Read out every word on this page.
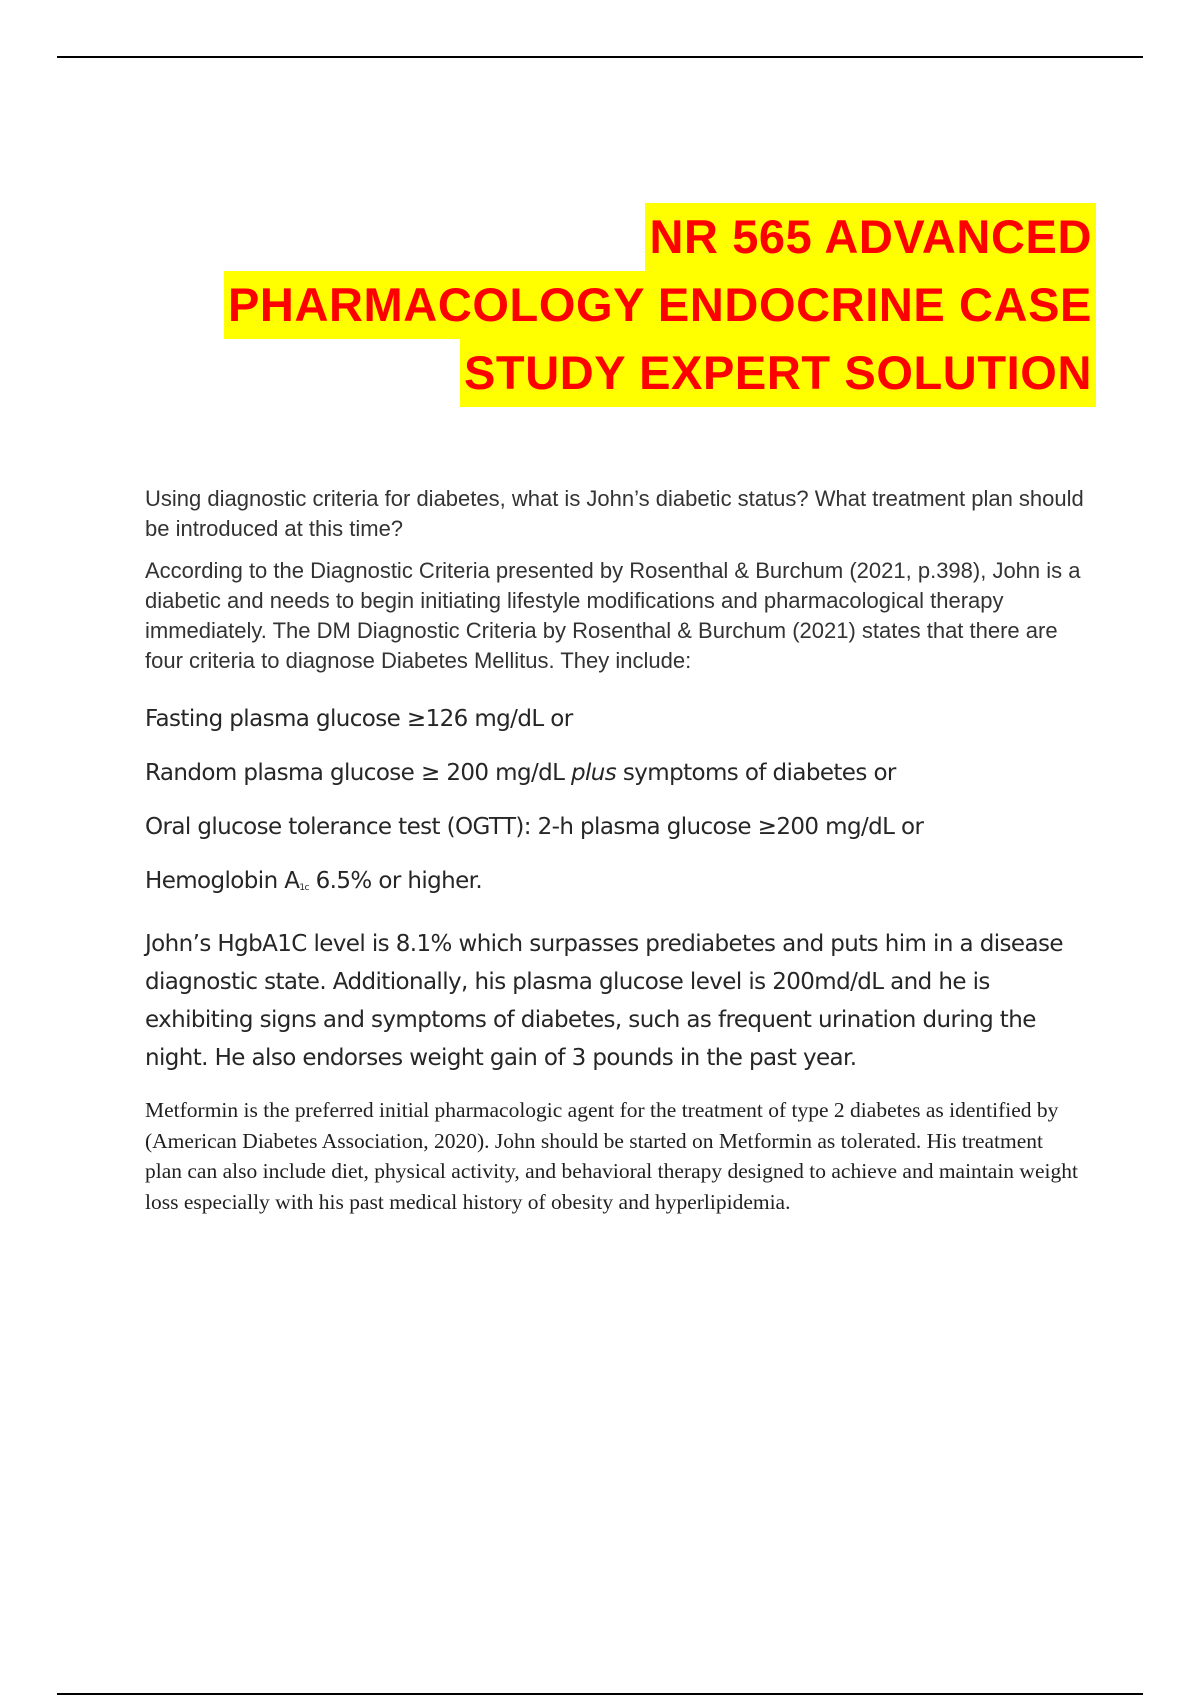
NR 565 ADVANCED
PHARMACOLOGY ENDOCRINE CASE
STUDY EXPERT SOLUTION

Using diagnostic criteria for diabetes, what is John’s diabetic status? What treatment plan should be introduced at this time?

According to the Diagnostic Criteria presented by Rosenthal & Burchum (2021, p.398), John is a diabetic and needs to begin initiating lifestyle modifications and pharmacological therapy immediately. The DM Diagnostic Criteria by Rosenthal & Burchum (2021) states that there are four criteria to diagnose Diabetes Mellitus. They include:

Fasting plasma glucose ≥126 mg/dL or

Random plasma glucose ≥ 200 mg/dL plus symptoms of diabetes or

Oral glucose tolerance test (OGTT): 2-h plasma glucose ≥200 mg/dL or

Hemoglobin $A_{1c}$ 6.5% or higher.

John’s HgbA1C level is 8.1% which surpasses prediabetes and puts him in a disease diagnostic state. Additionally, his plasma glucose level is 200md/dL and he is exhibiting signs and symptoms of diabetes, such as frequent urination during the night. He also endorses weight gain of 3 pounds in the past year.

Metformin is the preferred initial pharmacologic agent for the treatment of type 2 diabetes as identified by (American Diabetes Association, 2020). John should be started on Metformin as tolerated. His treatment plan can also include diet, physical activity, and behavioral therapy designed to achieve and maintain weight loss especially with his past medical history of obesity and hyperlipidemia.
